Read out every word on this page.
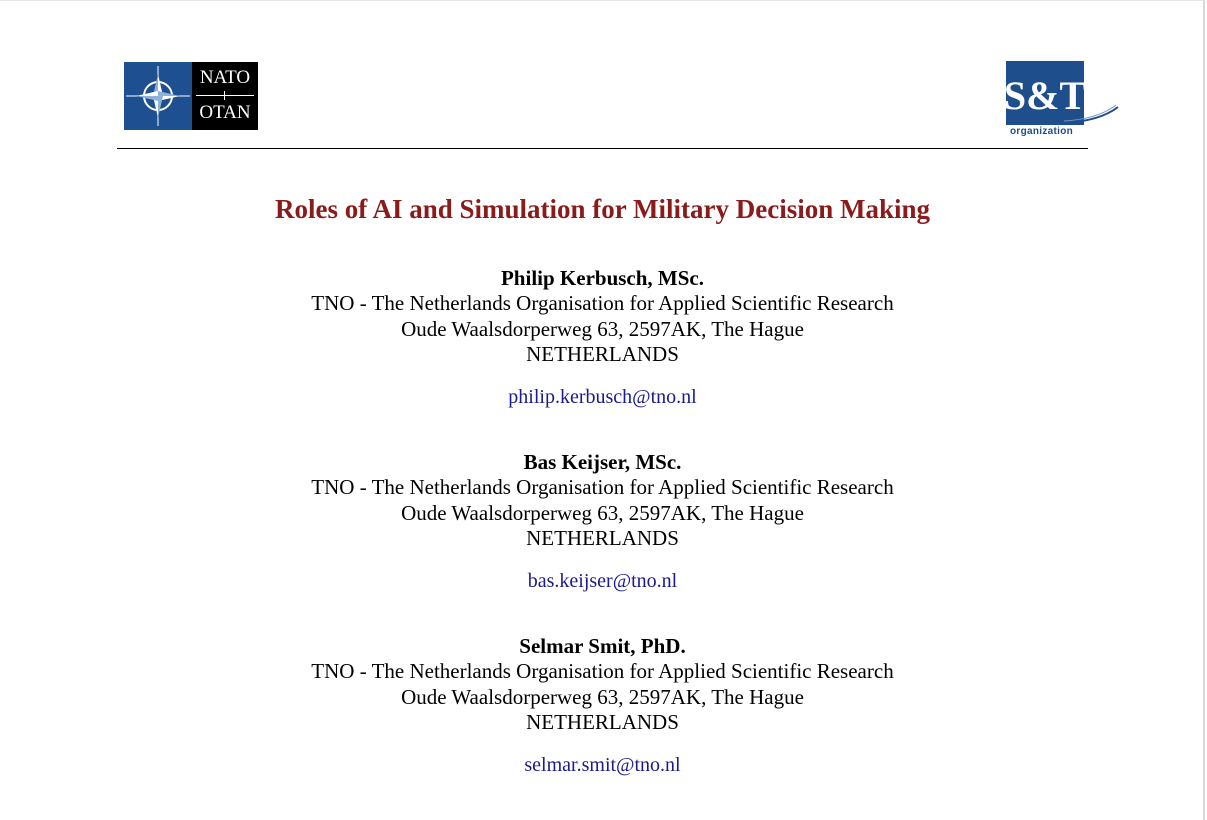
NATO
OTAN	S&T
organization
Roles of AI and Simulation for Military Decision Making
Philip Kerbusch, MSc.
TNO - The Netherlands Organisation for Applied Scientific Research
Oude Waalsdorperweg 63, 2597AK, The Hague
NETHERLANDS
philip.kerbusch@tno.nl
Bas Keijser, MSc.
TNO - The Netherlands Organisation for Applied Scientific Research
Oude Waalsdorperweg 63, 2597AK, The Hague
NETHERLANDS
bas.keijser@tno.nl
Selmar Smit, PhD.
TNO - The Netherlands Organisation for Applied Scientific Research
Oude Waalsdorperweg 63, 2597AK, The Hague
NETHERLANDS
selmar.smit@tno.nl
